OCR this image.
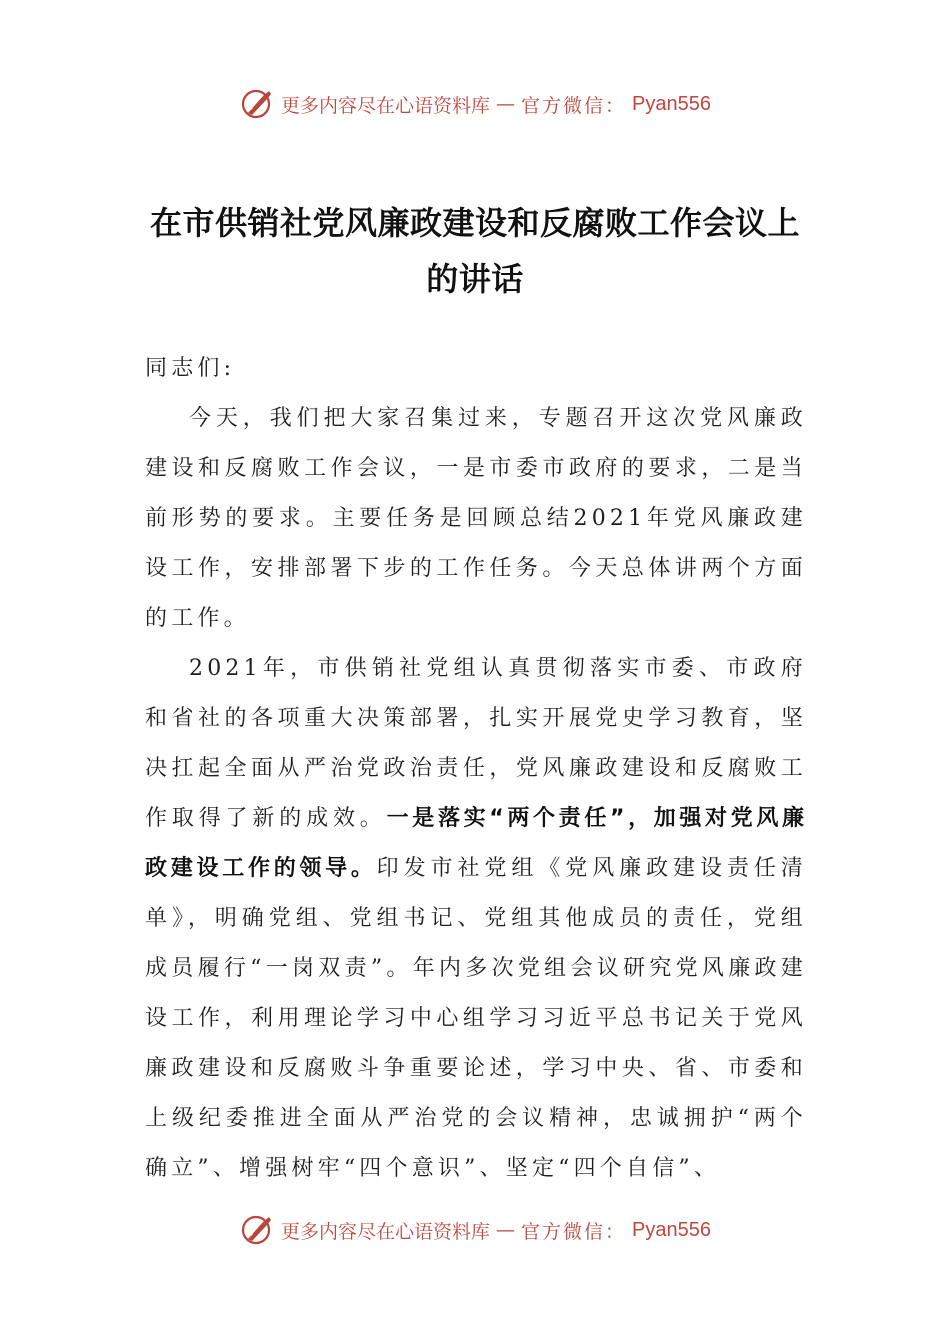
更多内容尽在心语资料库 — 官方微信： Pyan556
在市供销社党风廉政建设和反腐败工作会议上的讲话

同志们:

今天，我们把大家召集过来，专题召开这次党风廉政建设和反腐败工作会议，一是市委市政府的要求，二是当前形势的要求。主要任务是回顾总结2021年党风廉政建设工作，安排部署下步的工作任务。今天总体讲两个方面的工作。

2021年，市供销社党组认真贯彻落实市委、市政府和省社的各项重大决策部署，扎实开展党史学习教育，坚决扛起全面从严治党政治责任，党风廉政建设和反腐败工作取得了新的成效。一是落实“两个责任”，加强对党风廉政建设工作的领导。印发市社党组《党风廉政建设责任清单》，明确党组、党组书记、党组其他成员的责任，党组成员履行“一岗双责”。年内多次党组会议研究党风廉政建设工作，利用理论学习中心组学习习近平总书记关于党风廉政建设和反腐败斗争重要论述，学习中央、省、市委和上级纪委推进全面从严治党的会议精神，忠诚拥护“两个确立”、增强树牢“四个意识”、坚定“四个自信”、

更多内容尽在心语资料库 — 官方微信： Pyan556
